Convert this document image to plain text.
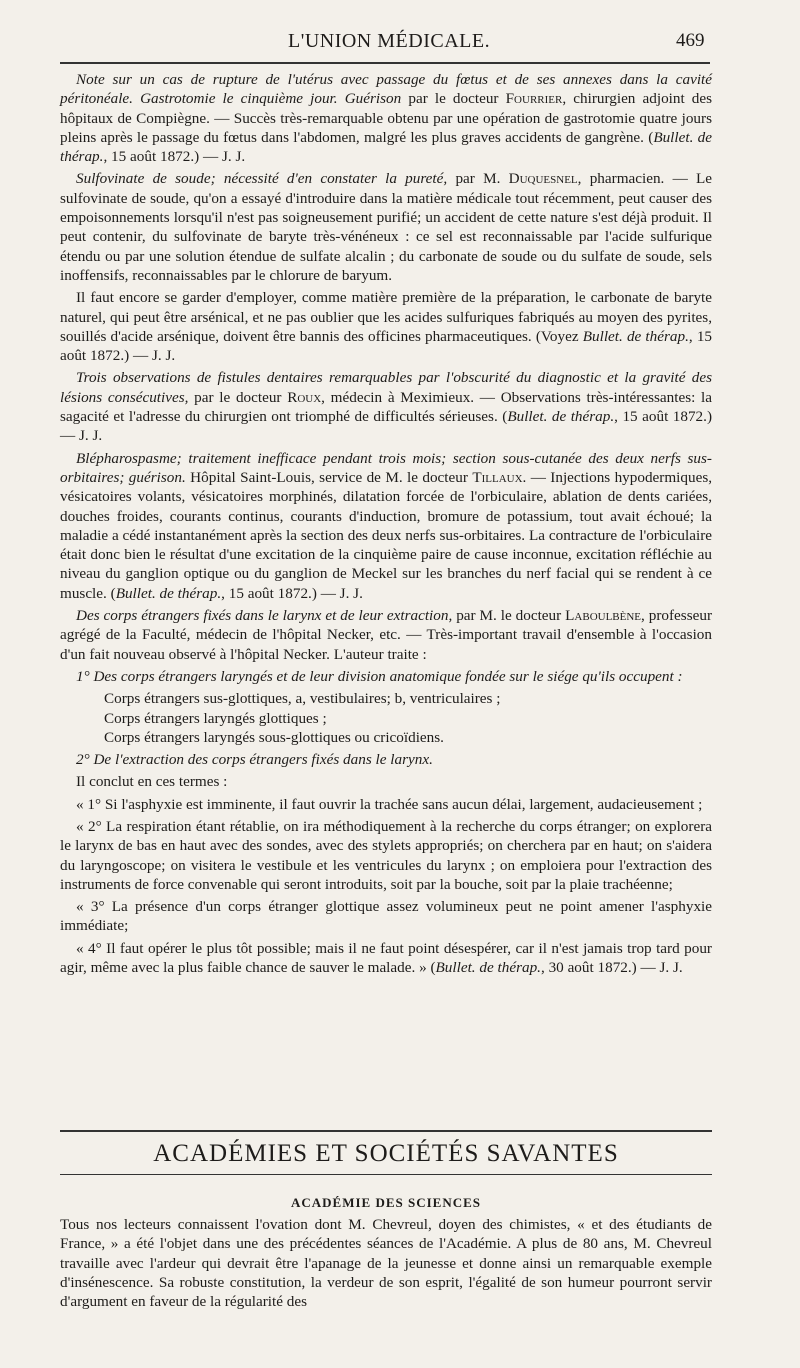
L'UNION MÉDICALE.	469

Note sur un cas de rupture de l'utérus avec passage du fœtus et de ses annexes dans la cavité péritonéale. Gastrotomie le cinquième jour. Guérison par le docteur Fourrier, chirurgien adjoint des hôpitaux de Compiègne. — Succès très-remarquable obtenu par une opération de gastrotomie quatre jours pleins après le passage du fœtus dans l'abdomen, malgré les plus graves accidents de gangrène. (Bullet. de thérap., 15 août 1872.) — J. J.

Sulfovinate de soude; nécessité d'en constater la pureté, par M. Duquesnel, pharmacien. — Le sulfovinate de soude, qu'on a essayé d'introduire dans la matière médicale tout récemment, peut causer des empoisonnements lorsqu'il n'est pas soigneusement purifié; un accident de cette nature s'est déjà produit. Il peut contenir, du sulfovinate de baryte très-vénéneux : ce sel est reconnaissable par l'acide sulfurique étendu ou par une solution étendue de sulfate alcalin ; du carbonate de soude ou du sulfate de soude, sels inoffensifs, reconnaissables par le chlorure de baryum.

Il faut encore se garder d'employer, comme matière première de la préparation, le carbonate de baryte naturel, qui peut être arsénical, et ne pas oublier que les acides sulfuriques fabriqués au moyen des pyrites, souillés d'acide arsénique, doivent être bannis des officines pharmaceutiques. (Voyez Bullet. de thérap., 15 août 1872.) — J. J.

Trois observations de fistules dentaires remarquables par l'obscurité du diagnostic et la gravité des lésions consécutives, par le docteur Roux, médecin à Meximieux. — Observations très-intéressantes: la sagacité et l'adresse du chirurgien ont triomphé de difficultés sérieuses. (Bullet. de thérap., 15 août 1872.) — J. J.

Blépharospasme; traitement inefficace pendant trois mois; section sous-cutanée des deux nerfs sus-orbitaires; guérison. Hôpital Saint-Louis, service de M. le docteur Tillaux. — Injections hypodermiques, vésicatoires volants, vésicatoires morphinés, dilatation forcée de l'orbiculaire, ablation de dents cariées, douches froides, courants continus, courants d'induction, bromure de potassium, tout avait échoué; la maladie a cédé instantanément après la section des deux nerfs sus-orbitaires. La contracture de l'orbiculaire était donc bien le résultat d'une excitation de la cinquième paire de cause inconnue, excitation réfléchie au niveau du ganglion optique ou du ganglion de Meckel sur les branches du nerf facial qui se rendent à ce muscle. (Bullet. de thérap., 15 août 1872.) — J. J.

Des corps étrangers fixés dans le larynx et de leur extraction, par M. le docteur Laboulbène, professeur agrégé de la Faculté, médecin de l'hôpital Necker, etc. — Très-important travail d'ensemble à l'occasion d'un fait nouveau observé à l'hôpital Necker. L'auteur traite :

1° Des corps étrangers laryngés et de leur division anatomique fondée sur le siége qu'ils occupent :

Corps étrangers sus-glottiques, a, vestibulaires; b, ventriculaires ;
Corps étrangers laryngés glottiques ;
Corps étrangers laryngés sous-glottiques ou cricoïdiens.

2° De l'extraction des corps étrangers fixés dans le larynx.

Il conclut en ces termes :

« 1° Si l'asphyxie est imminente, il faut ouvrir la trachée sans aucun délai, largement, audacieusement ;

« 2° La respiration étant rétablie, on ira méthodiquement à la recherche du corps étranger; on explorera le larynx de bas en haut avec des sondes, avec des stylets appropriés; on cherchera par en haut; on s'aidera du laryngoscope; on visitera le vestibule et les ventricules du larynx ; on emploiera pour l'extraction des instruments de force convenable qui seront introduits, soit par la bouche, soit par la plaie trachéenne;

« 3° La présence d'un corps étranger glottique assez volumineux peut ne point amener l'asphyxie immédiate;

« 4° Il faut opérer le plus tôt possible; mais il ne faut point désespérer, car il n'est jamais trop tard pour agir, même avec la plus faible chance de sauver le malade. » (Bullet. de thérap., 30 août 1872.) — J. J.

ACADÉMIES ET SOCIÉTÉS SAVANTES
ACADÉMIE DES SCIENCES

Tous nos lecteurs connaissent l'ovation dont M. Chevreul, doyen des chimistes, « et des étudiants de France, » a été l'objet dans une des précédentes séances de l'Académie. A plus de 80 ans, M. Chevreul travaille avec l'ardeur qui devrait être l'apanage de la jeunesse et donne ainsi un remarquable exemple d'insénescence. Sa robuste constitution, la verdeur de son esprit, l'égalité de son humeur pourront servir d'argument en faveur de la régularité des
